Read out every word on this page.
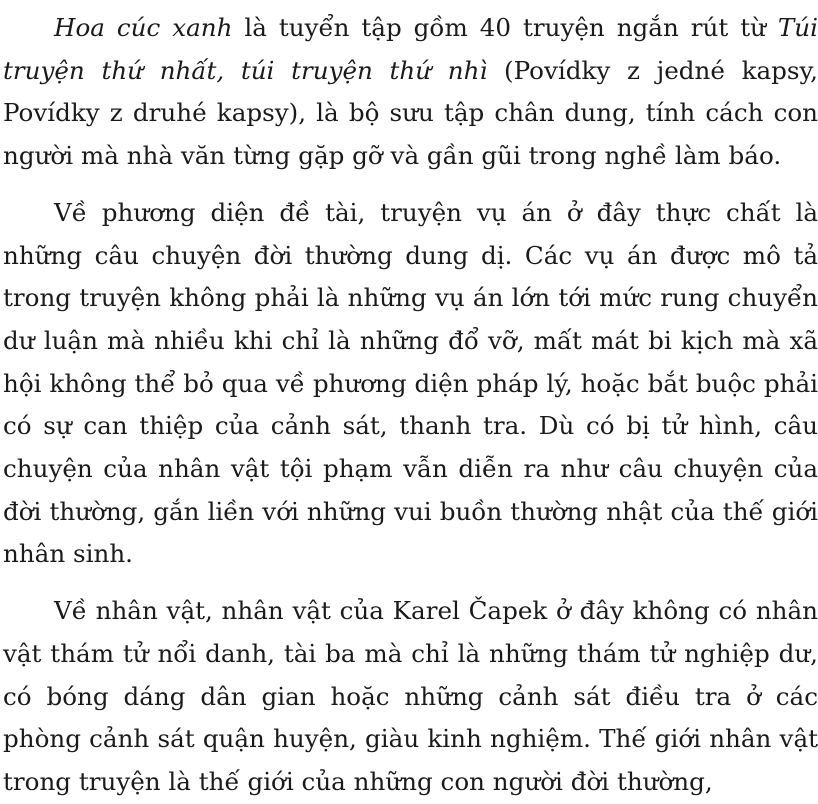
Hoa cúc xanh là tuyển tập gồm 40 truyện ngắn rút từ Túi truyện thứ nhất, túi truyện thứ nhì (Povídky z jedné kapsy, Povídky z druhé kapsy), là bộ sưu tập chân dung, tính cách con người mà nhà văn từng gặp gỡ và gần gũi trong nghề làm báo.

Về phương diện đề tài, truyện vụ án ở đây thực chất là những câu chuyện đời thường dung dị. Các vụ án được mô tả trong truyện không phải là những vụ án lớn tới mức rung chuyển dư luận mà nhiều khi chỉ là những đổ vỡ, mất mát bi kịch mà xã hội không thể bỏ qua về phương diện pháp lý, hoặc bắt buộc phải có sự can thiệp của cảnh sát, thanh tra. Dù có bị tử hình, câu chuyện của nhân vật tội phạm vẫn diễn ra như câu chuyện của đời thường, gắn liền với những vui buồn thường nhật của thế giới nhân sinh.

Về nhân vật, nhân vật của Karel Čapek ở đây không có nhân vật thám tử nổi danh, tài ba mà chỉ là những thám tử nghiệp dư, có bóng dáng dân gian hoặc những cảnh sát điều tra ở các phòng cảnh sát quận huyện, giàu kinh nghiệm. Thế giới nhân vật trong truyện là thế giới của những con người đời thường,
